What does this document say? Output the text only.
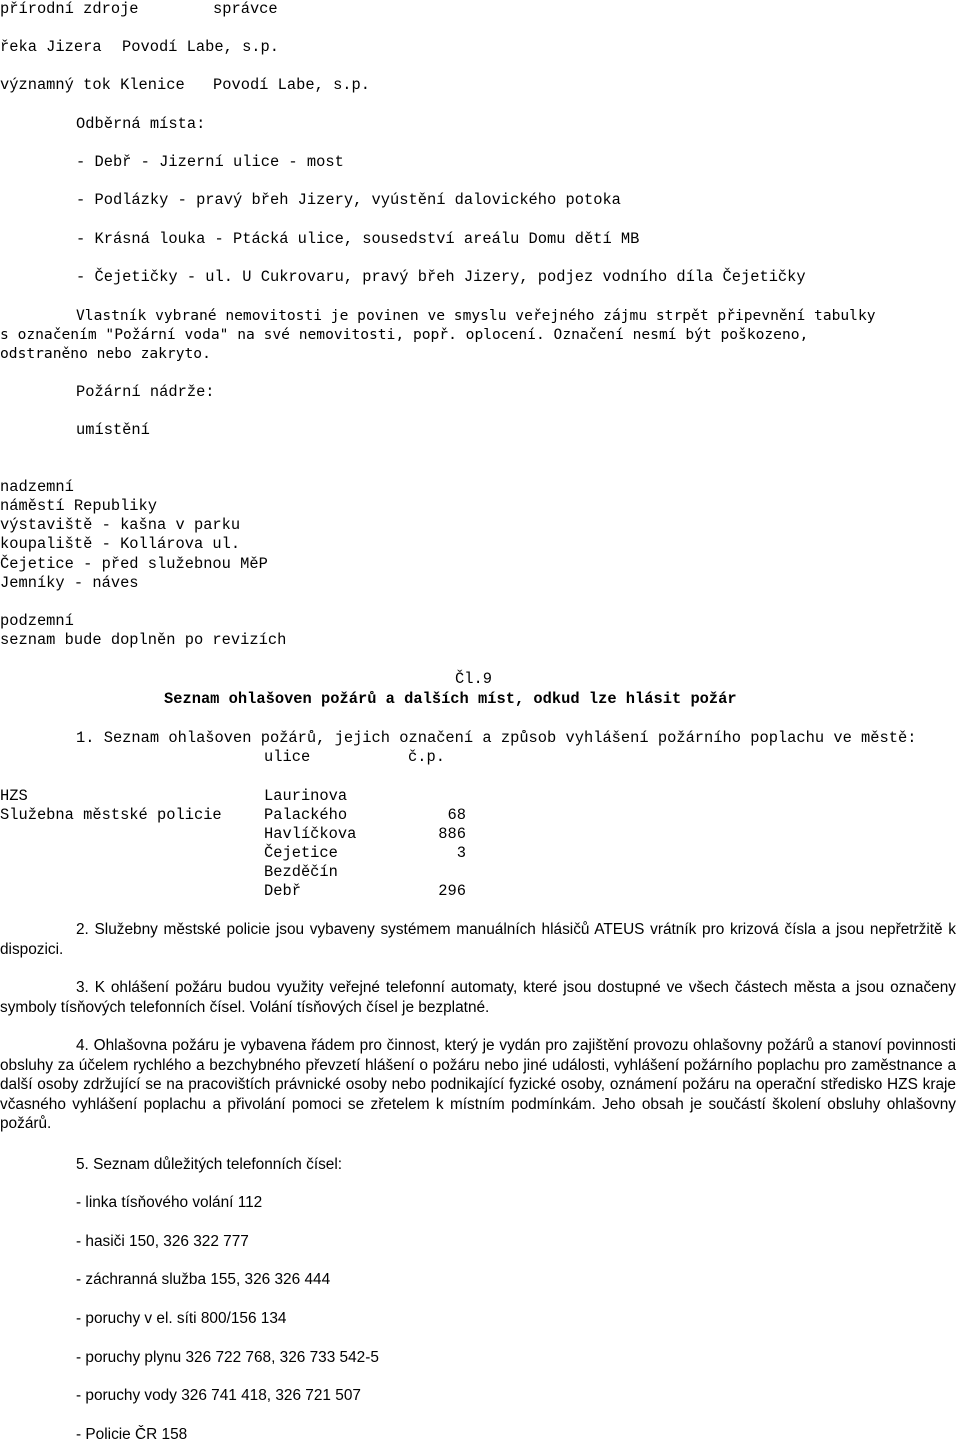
přírodní zdroje	správce
řeka Jizera Povodí Labe, s.p.
významný tok Klenice Povodí Labe, s.p.
Odběrná místa:
- Debř - Jizerní ulice - most
- Podlázky - pravý břeh Jizery, vyústění dalovického potoka
- Krásná louka - Ptácká ulice, sousedství areálu Domu dětí MB
- Čejetičky - ul. U Cukrovaru, pravý břeh Jizery, podjez vodního díla Čejetičky
Vlastník vybrané nemovitosti je povinen ve smyslu veřejného zájmu strpět připevnění tabulky
s označením "Požární voda" na své nemovitosti, popř. oplocení. Označení nesmí být poškozeno,
odstraněno nebo zakryto.
Požární nádrže:
umístění
nadzemní
náměstí Republiky
výstaviště - kašna v parku
koupaliště - Kollárova ul.
Čejetice - před služebnou MěP
Jemníky - náves
podzemní
seznam bude doplněn po revizích
Čl.9
Seznam ohlašoven požárů a dalších míst, odkud lze hlásit požár
1. Seznam ohlašoven požárů, jejich označení a způsob vyhlášení požárního poplachu ve městě:
ulice	č.p.
HZS	Laurinova
Služebna městské policie	Palackého	68
Havlíčkova	886
Čejetice	3
Bezděčín
Debř	296
2. Služebny městské policie jsou vybaveny systémem manuálních hlásičů ATEUS vrátník pro krizová čísla a jsou nepřetržitě k dispozici.
3. K ohlášení požáru budou využity veřejné telefonní automaty, které jsou dostupné ve všech částech města a jsou označeny symboly tísňových telefonních čísel. Volání tísňových čísel je bezplatné.
4. Ohlašovna požáru je vybavena řádem pro činnost, který je vydán pro zajištění provozu ohlašovny požárů a stanoví povinnosti obsluhy za účelem rychlého a bezchybného převzetí hlášení o požáru nebo jiné události, vyhlášení požárního poplachu pro zaměstnance a další osoby zdržující se na pracovištích právnické osoby nebo podnikající fyzické osoby, oznámení požáru na operační středisko HZS kraje včasného vyhlášení poplachu a přivolání pomoci se zřetelem k místním podmínkám. Jeho obsah je součástí školení obsluhy ohlašovny požárů.
5. Seznam důležitých telefonních čísel:
- linka tísňového volání 112
- hasiči 150, 326 322 777
- záchranná služba 155, 326 326 444
- poruchy v el. síti 800/156 134
- poruchy plynu 326 722 768, 326 733 542-5
- poruchy vody 326 741 418, 326 721 507
- Policie ČR 158
